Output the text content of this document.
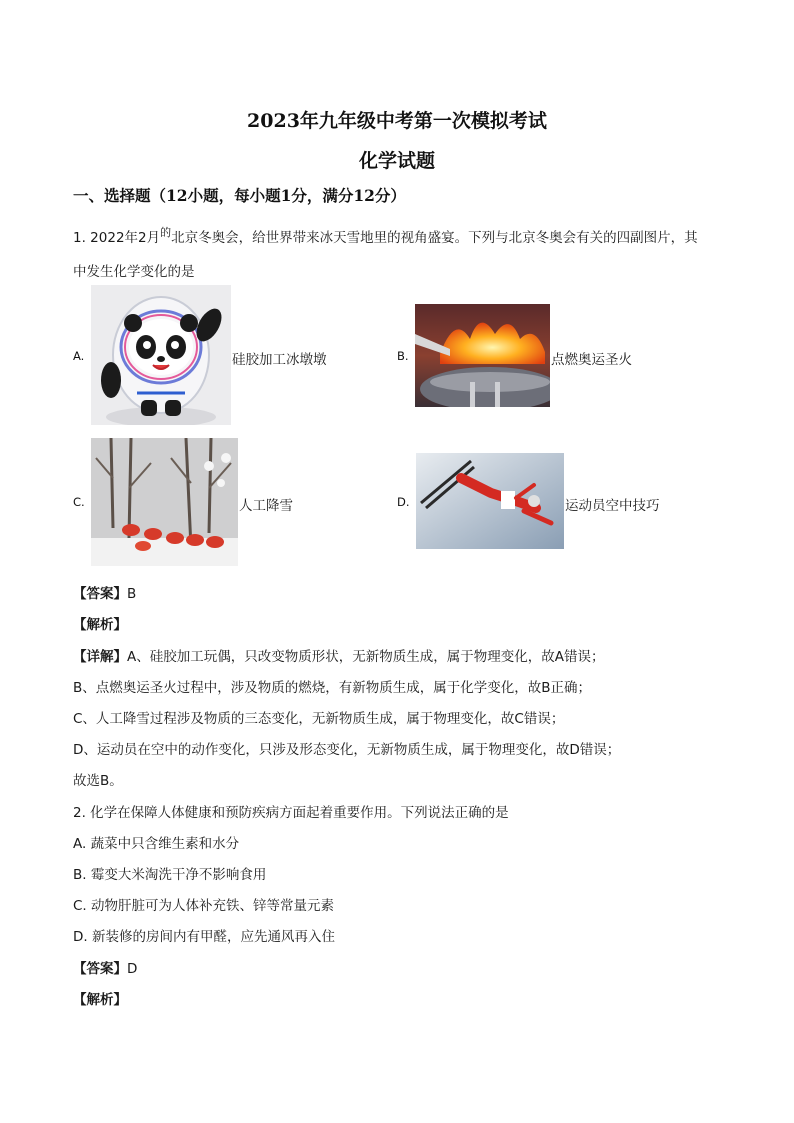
2023年九年级中考第一次模拟考试
化学试题
一、选择题（12小题，每小题1分，满分12分）
1. 2022年2月$^的$北京冬奥会，给世界带来冰天雪地里的视角盛宴。下列与北京冬奥会有关的四副图片，其
中发生化学变化的是
A.	硅胶加工冰墩墩	B.	点燃奥运圣火
C.	人工降雪	D.	运动员空中技巧
【答案】B
【解析】
【详解】A、硅胶加工玩偶，只改变物质形状，无新物质生成，属于物理变化，故A错误；
B、点燃奥运圣火过程中，涉及物质的燃烧，有新物质生成，属于化学变化，故B正确；
C、人工降雪过程涉及物质的三态变化，无新物质生成，属于物理变化，故C错误；
D、运动员在空中的动作变化，只涉及形态变化，无新物质生成，属于物理变化，故D错误；
故选B。
2. 化学在保障人体健康和预防疾病方面起着重要作用。下列说法正确的是
A. 蔬菜中只含维生素和水分
B. 霉变大米淘洗干净不影响食用
C. 动物肝脏可为人体补充铁、锌等常量元素
D. 新装修的房间内有甲醛，应先通风再入住
【答案】D
【解析】
